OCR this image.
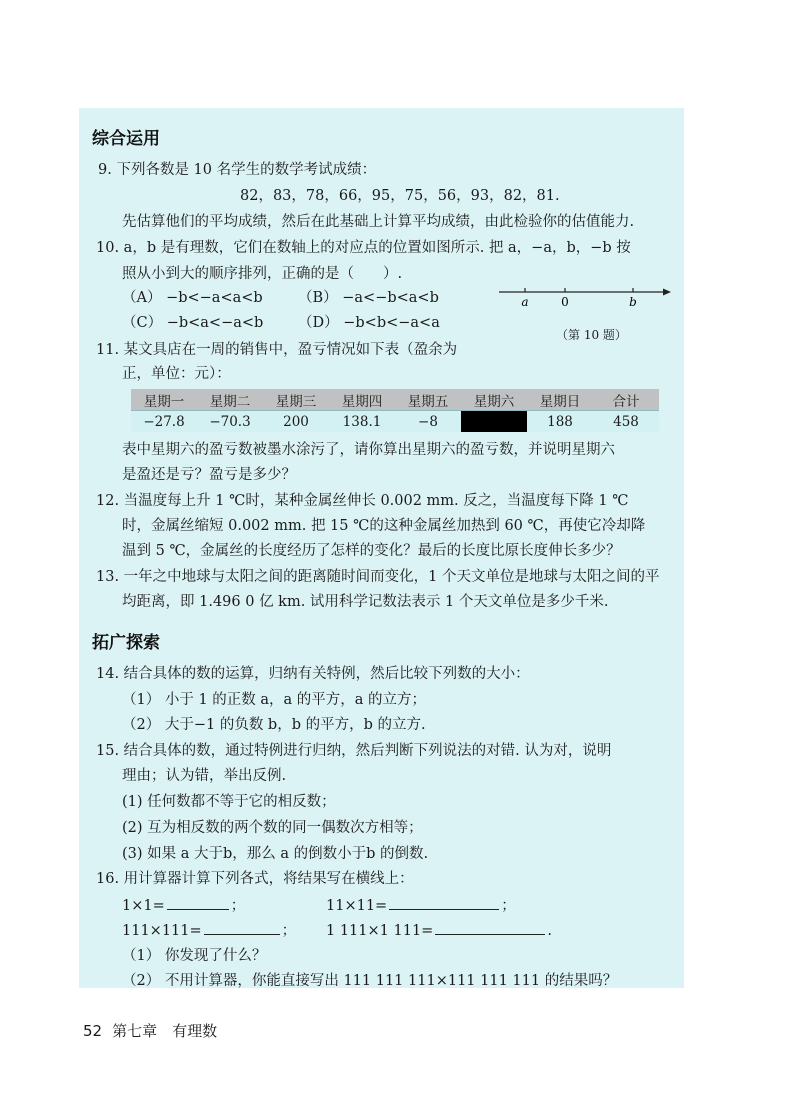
综合运用
9. 下列各数是 10 名学生的数学考试成绩：
82，83，78，66，95，75，56，93，82，81.
先估算他们的平均成绩，然后在此基础上计算平均成绩，由此检验你的估值能力.
10. a，b 是有理数，它们在数轴上的对应点的位置如图所示. 把 a，−a，b，−b 按
照从小到大的顺序排列，正确的是（　　）.
（A） −b<−a<a<b （B） −a<−b<a<b
（C） −b<a<−a<b （D） −b<b<−a<a
a	0	b
（第 10 题）
11. 某文具店在一周的销售中，盈亏情况如下表（盈余为
正，单位：元）：
星期一	星期二	星期三	星期四	星期五	星期六	星期日	合计
−27.8	−70.3	200	138.1	−8		188	458
表中星期六的盈亏数被墨水涂污了，请你算出星期六的盈亏数，并说明星期六
是盈还是亏？盈亏是多少？
12. 当温度每上升 1 ℃时，某种金属丝伸长 0.002 mm. 反之，当温度每下降 1 ℃
时，金属丝缩短 0.002 mm. 把 15 ℃的这种金属丝加热到 60 ℃，再使它冷却降
温到 5 ℃，金属丝的长度经历了怎样的变化？最后的长度比原长度伸长多少？
13. 一年之中地球与太阳之间的距离随时间而变化，1 个天文单位是地球与太阳之间的平
均距离，即 1.496 0 亿 km. 试用科学记数法表示 1 个天文单位是多少千米.
拓广探索
14. 结合具体的数的运算，归纳有关特例，然后比较下列数的大小：
（1） 小于 1 的正数 a，a 的平方，a 的立方；
（2） 大于−1 的负数 b，b 的平方，b 的立方.
15. 结合具体的数，通过特例进行归纳，然后判断下列说法的对错. 认为对，说明
理由；认为错，举出反例.
(1) 任何数都不等于它的相反数；
(2) 互为相反数的两个数的同一偶数次方相等；
(3) 如果 a 大于b，那么 a 的倒数小于b 的倒数.
16. 用计算器计算下列各式，将结果写在横线上：
1×1=	；	11×11=	；
111×111=	； 1 111×1 111=	.
（1） 你发现了什么？
（2） 不用计算器，你能直接写出 111 111 111×111 111 111 的结果吗？
52 第七章　有理数
